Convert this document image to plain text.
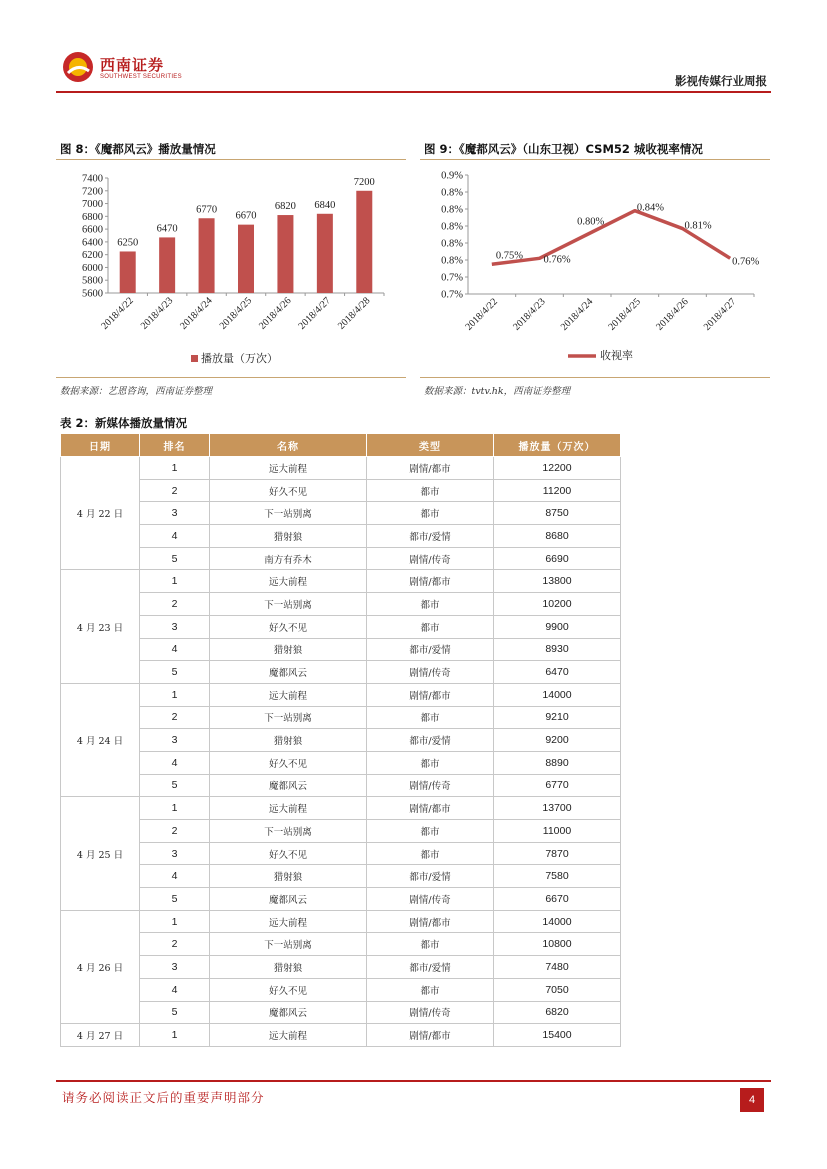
西南证券
SOUTHWEST SECURITIES	影视传媒行业周报
图 8：《魔都风云》播放量情况
5600
5800
6000
6200
6400
6600
6800
7000
7200
7400
6250
2018/4/22
6470
2018/4/23
6770
2018/4/24
6670
2018/4/25
6820
2018/4/26
6840
2018/4/27
7200
2018/4/28
播放量（万次）
数据来源：艺恩咨询，西南证券整理
图 9：《魔都风云》（山东卫视）CSM52 城收视率情况
0.7%
0.7%
0.8%
0.8%
0.8%
0.8%
0.8%
0.9%
2018/4/22 2018/4/23 2018/4/24 2018/4/25 2018/4/26 2018/4/27
0.75% 0.76%
0.80%
0.84%
0.81%
0.76%
收视率
数据来源：tvtv.hk，西南证券整理
表 2：新媒体播放量情况
日期	排名	名称	类型	播放量（万次）
4 月 22 日	1	远大前程	剧情/都市	12200
	2	好久不见	都市	11200
	3	下一站别离	都市	8750
	4	猎射狼	都市/爱情	8680
	5	南方有乔木	剧情/传奇	6690
4 月 23 日	1	远大前程	剧情/都市	13800
	2	下一站别离	都市	10200
	3	好久不见	都市	9900
	4	猎射狼	都市/爱情	8930
	5	魔都风云	剧情/传奇	6470
4 月 24 日	1	远大前程	剧情/都市	14000
	2	下一站别离	都市	9210
	3	猎射狼	都市/爱情	9200
	4	好久不见	都市	8890
	5	魔都风云	剧情/传奇	6770
4 月 25 日	1	远大前程	剧情/都市	13700
	2	下一站别离	都市	11000
	3	好久不见	都市	7870
	4	猎射狼	都市/爱情	7580
	5	魔都风云	剧情/传奇	6670
4 月 26 日	1	远大前程	剧情/都市	14000
	2	下一站别离	都市	10800
	3	猎射狼	都市/爱情	7480
	4	好久不见	都市	7050
	5	魔都风云	剧情/传奇	6820
4 月 27 日	1	远大前程	剧情/都市	15400
请务必阅读正文后的重要声明部分	4
